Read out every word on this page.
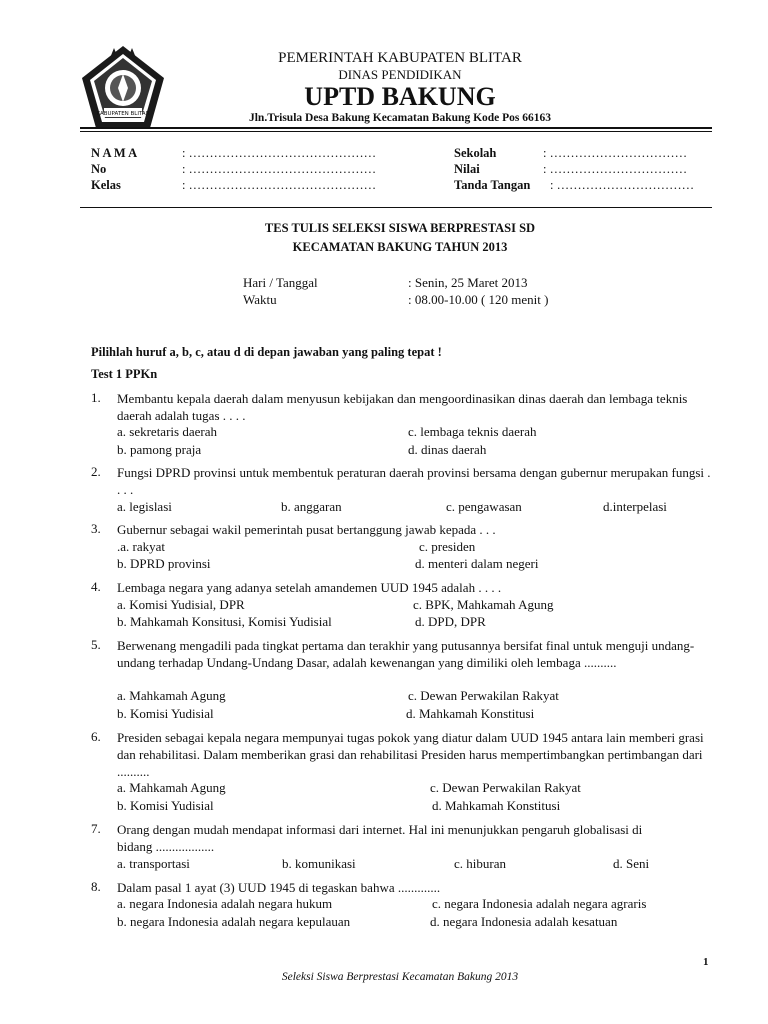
KABUPATEN BLITAR
PEMERINTAH KABUPATEN BLITAR
DINAS PENDIDIKAN
UPTD BAKUNG
Jln.Trisula Desa Bakung Kecamatan Bakung Kode Pos 66163
N A M A	: ………………………………………
No	: ………………………………………
Kelas	: ………………………………………
Sekolah	: ……………………………
Nilai	: ……………………………
Tanda Tangan : ……………………………
TES TULIS SELEKSI SISWA BERPRESTASI SD
KECAMATAN BAKUNG TAHUN 2013
Hari / Tanggal	: Senin, 25 Maret 2013
Waktu	: 08.00-10.00 ( 120 menit )
Pilihlah huruf a, b, c, atau d di depan jawaban yang paling tepat !
Test 1 PPKn
1. Membantu kepala daerah dalam menyusun kebijakan dan mengoordinasikan dinas daerah dan lembaga teknis daerah adalah tugas . . . .
a. sekretaris daerah	c. lembaga teknis daerah
b. pamong praja	d. dinas daerah
2. Fungsi DPRD provinsi untuk membentuk peraturan daerah provinsi bersama dengan gubernur merupakan fungsi . . . .
a. legislasi	b. anggaran	c. pengawasan	d.interpelasi
3. Gubernur sebagai wakil pemerintah pusat bertanggung jawab kepada . . .
.a. rakyat	c. presiden
b. DPRD provinsi	d. menteri dalam negeri
4. Lembaga negara yang adanya setelah amandemen UUD 1945 adalah . . . .
a. Komisi Yudisial, DPR	c. BPK, Mahkamah Agung
b. Mahkamah Konsitusi, Komisi Yudisial	d. DPD, DPR
5. Berwenang mengadili pada tingkat pertama dan terakhir yang putusannya bersifat final untuk menguji undang-undang terhadap Undang-Undang Dasar, adalah kewenangan yang dimiliki oleh lembaga ..........
a. Mahkamah Agung	c. Dewan Perwakilan Rakyat
b. Komisi Yudisial	d. Mahkamah Konstitusi
6. Presiden sebagai kepala negara mempunyai tugas pokok yang diatur dalam UUD 1945 antara lain memberi grasi dan rehabilitasi. Dalam memberikan grasi dan rehabilitasi Presiden harus mempertimbangkan pertimbangan dari ..........
a. Mahkamah Agung	c. Dewan Perwakilan Rakyat
b. Komisi Yudisial	d. Mahkamah Konstitusi
7. Orang dengan mudah mendapat informasi dari internet. Hal ini menunjukkan pengaruh globalisasi di bidang ..................
a. transportasi	b. komunikasi	c. hiburan	d. Seni
8. Dalam pasal 1 ayat (3) UUD 1945 di tegaskan bahwa .............
a. negara Indonesia adalah negara hukum	c. negara Indonesia adalah negara agraris
b. negara Indonesia adalah negara kepulauan	d. negara Indonesia adalah kesatuan
1
Seleksi Siswa Berprestasi Kecamatan Bakung 2013
